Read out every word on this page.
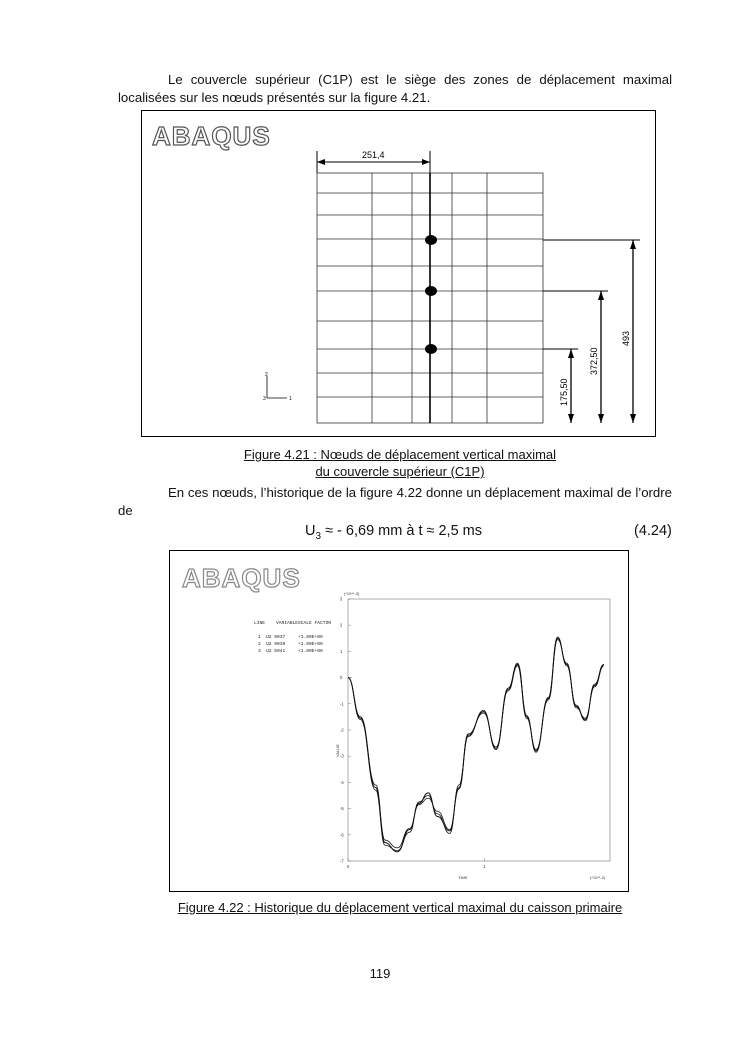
Le couvercle supérieur (C1P) est le siège des zones de déplacement maximal localisées sur les nœuds présentés sur la figure 4.21.
ABAQUS
251,4
493
372,50
175,50
2
3	1
Figure 4.21 : Nœuds de déplacement vertical maximal
du couvercle supérieur (C1P)
En ces nœuds, l’historique de la figure 4.22 donne un déplacement maximal de l’ordre de
$U_3$ ≈ - 6,69 mm à t ≈ 2,5 ms	(4.24)
ABAQUS
LINE VARIABLE SCALE FACTOR
1 U2 9037	+1.00E+00
2 U2 9039	+1.00E+00
3 U2 5041	+1.00E+00
(*10**-3)
(*10**-2)
TIME
VALUE
3
2
1
0
-1
-2
-3
-4
-5
-6
-7
0	1
Figure 4.22 : Historique du déplacement vertical maximal du caisson primaire
119
